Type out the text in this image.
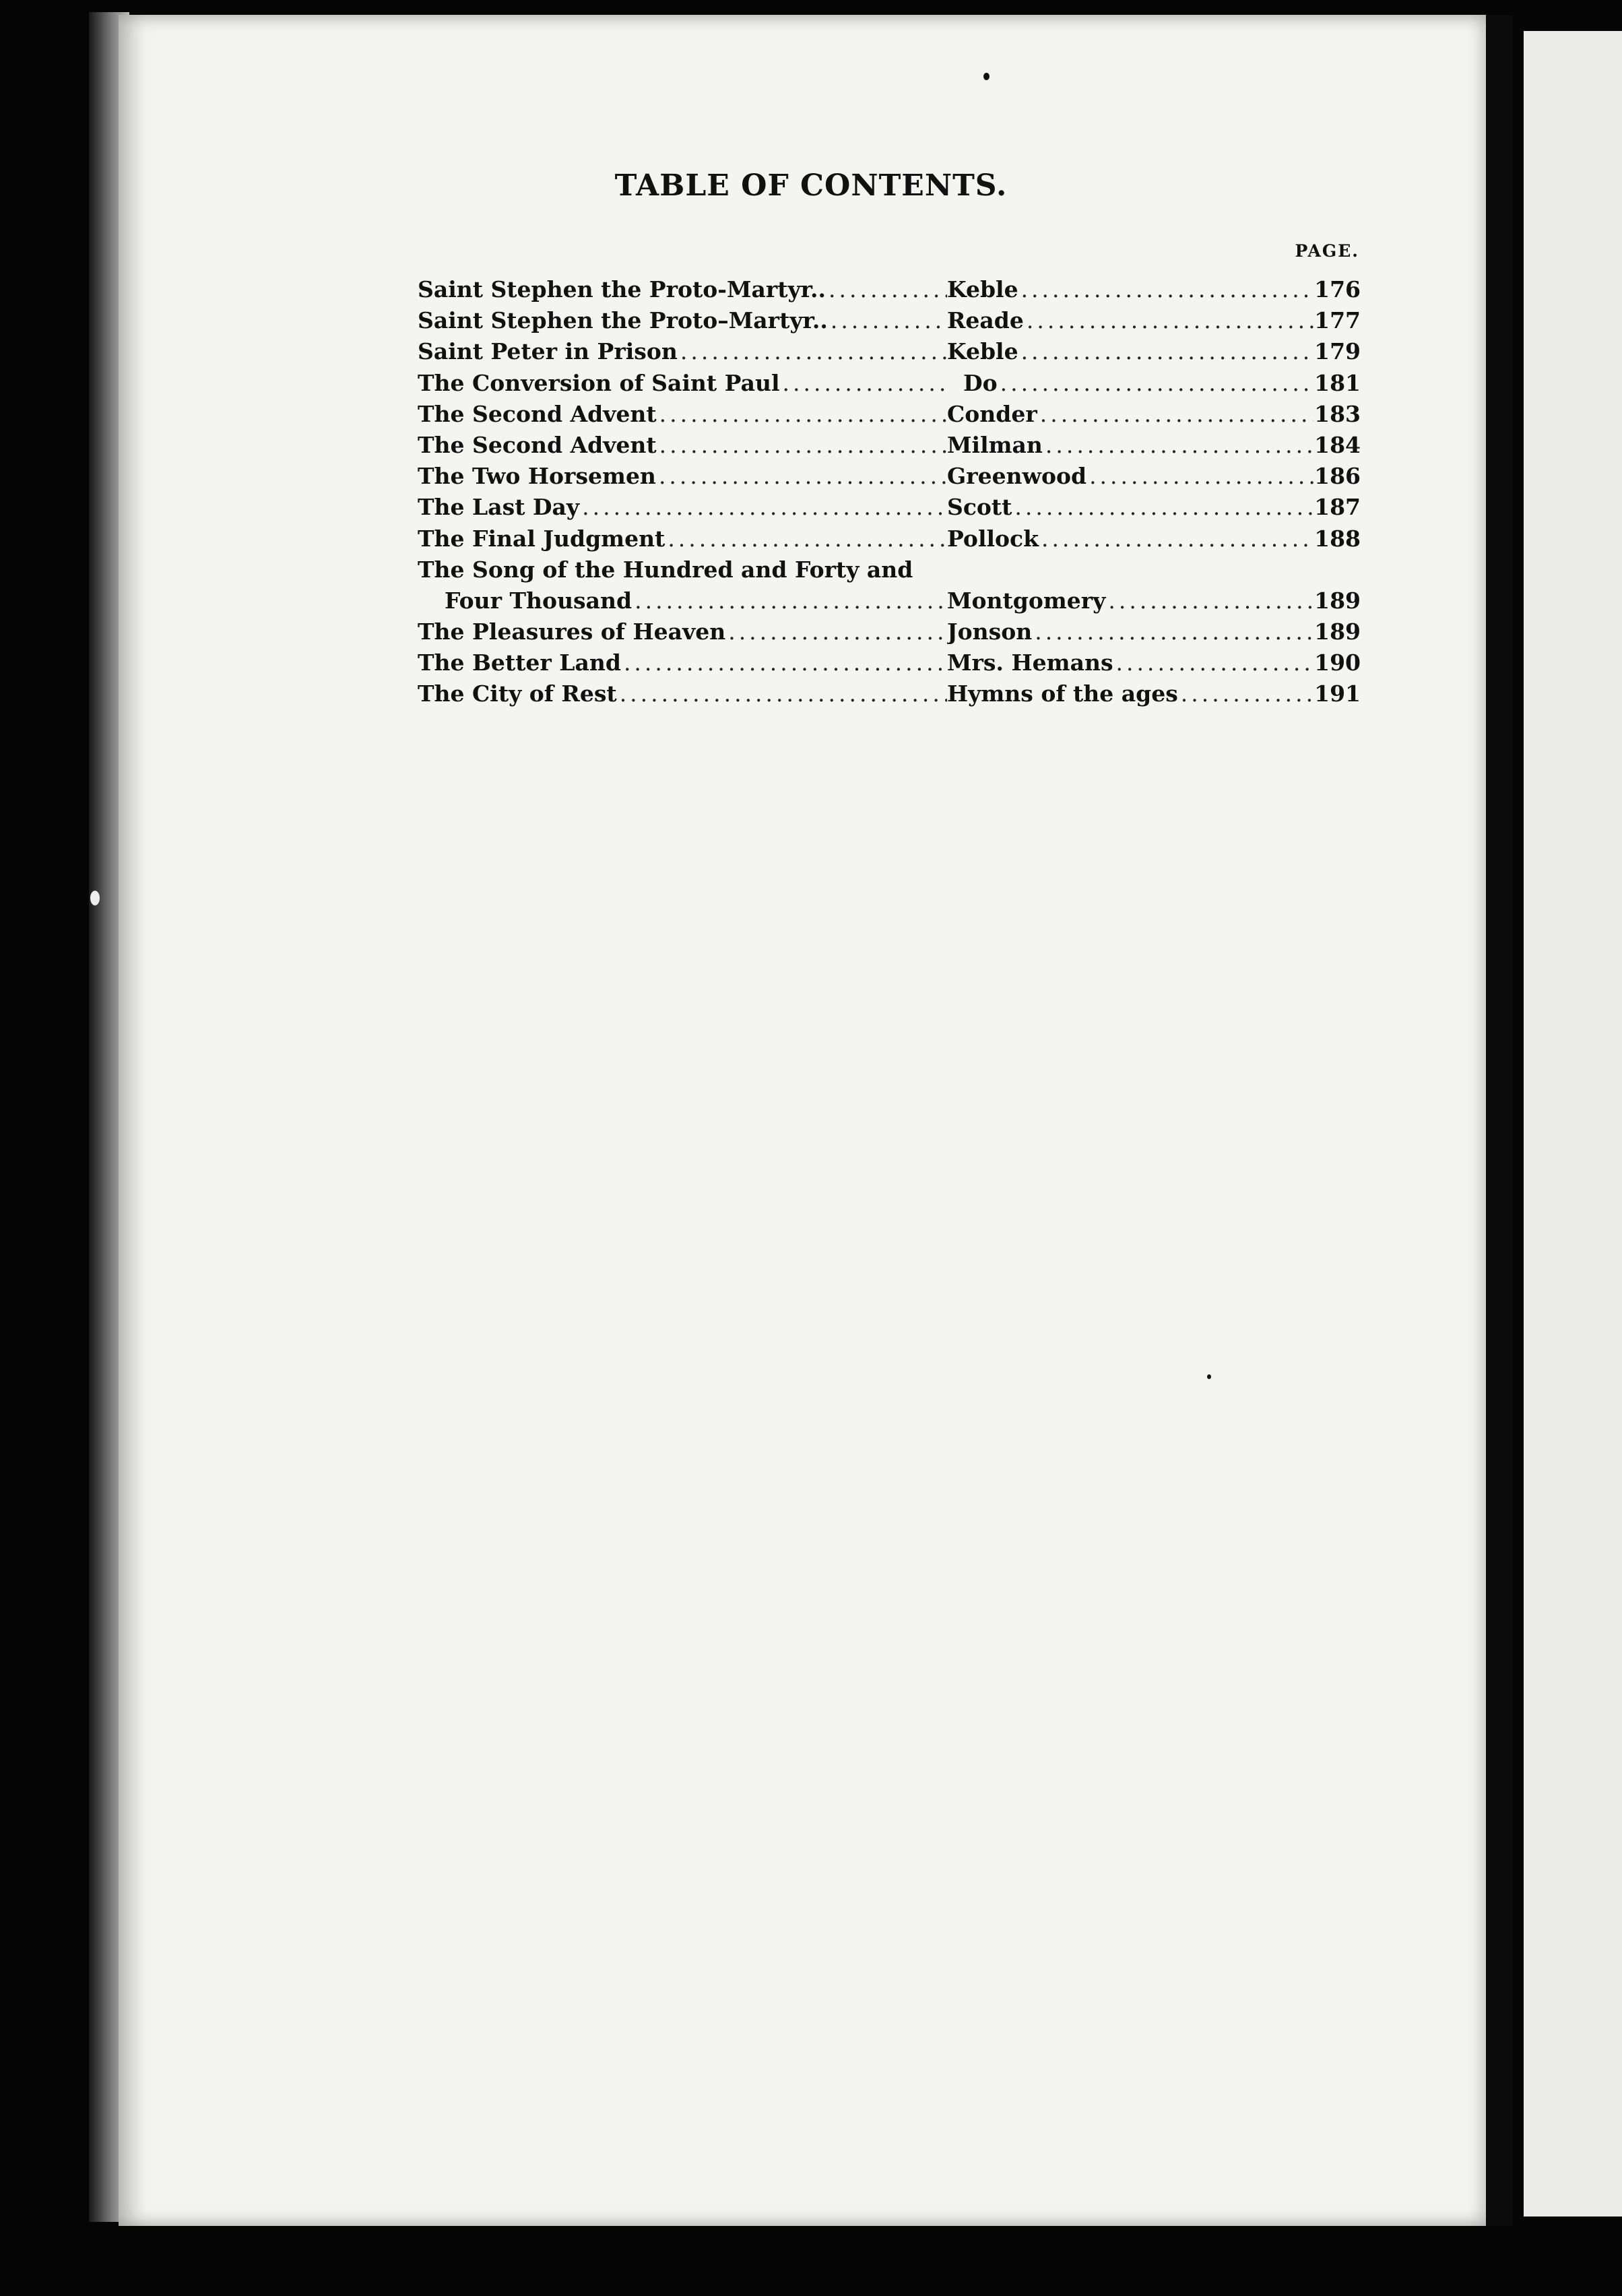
TABLE OF CONTENTS.
PAGE.
Saint Stephen the Proto-Martyr.. .....	Keble .....	176
Saint Stephen the Proto–Martyr.. .....	Reade .....	177
Saint Peter in Prison .....	Keble .....	179
The Conversion of Saint Paul .....	Do .....	181
The Second Advent .....	Conder .....	183
The Second Advent .....	Milman .....	184
The Two Horsemen .....	Greenwood .....	186
The Last Day .....	Scott .....	187
The Final Judgment .....	Pollock .....	188
The Song of the Hundred and Forty and
Four Thousand .....	Montgomery .....	189
The Pleasures of Heaven .....	Jonson .....	189
The Better Land .....	Mrs. Hemans .....	190
The City of Rest .....	Hymns of the ages .....	191
